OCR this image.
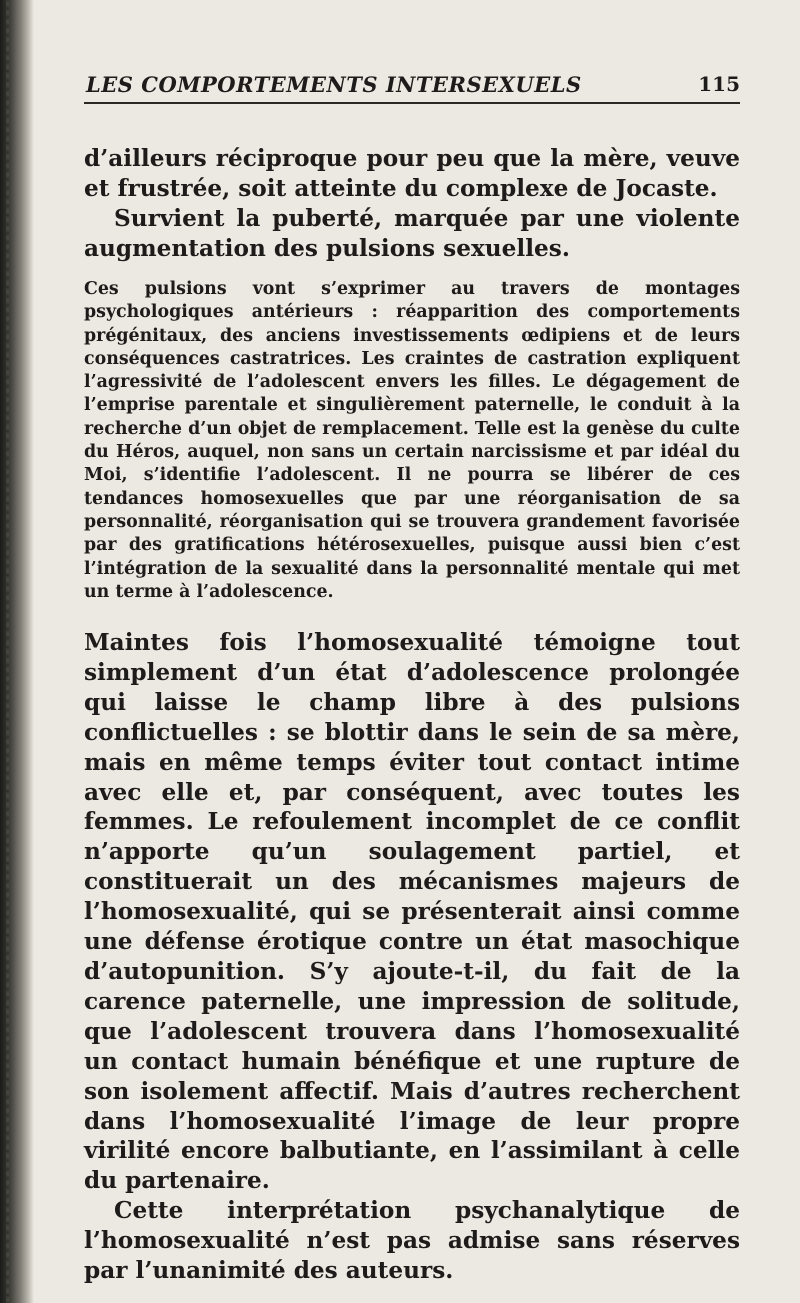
LES COMPORTEMENTS INTERSEXUELS	115

d’ailleurs réciproque pour peu que la mère, veuve et frustrée, soit atteinte du complexe de Jocaste.

Survient la puberté, marquée par une violente augmentation des pulsions sexuelles.

Ces pulsions vont s’exprimer au travers de montages psychologiques antérieurs : réapparition des comportements prégénitaux, des anciens investissements œdipiens et de leurs conséquences castratrices. Les craintes de castration expliquent l’agressivité de l’adolescent envers les filles. Le dégagement de l’emprise parentale et singulièrement paternelle, le conduit à la recherche d’un objet de remplacement. Telle est la genèse du culte du Héros, auquel, non sans un certain narcissisme et par idéal du Moi, s’identifie l’adolescent. Il ne pourra se libérer de ces tendances homosexuelles que par une réorganisation de sa personnalité, réorganisation qui se trouvera grandement favorisée par des gratifications hétérosexuelles, puisque aussi bien c’est l’intégration de la sexualité dans la personnalité mentale qui met un terme à l’adolescence.

Maintes fois l’homosexualité témoigne tout simplement d’un état d’adolescence prolongée qui laisse le champ libre à des pulsions conflictuelles : se blottir dans le sein de sa mère, mais en même temps éviter tout contact intime avec elle et, par conséquent, avec toutes les femmes. Le refoulement incomplet de ce conflit n’apporte qu’un soulagement partiel, et constituerait un des mécanismes majeurs de l’homosexualité, qui se présenterait ainsi comme une défense érotique contre un état masochique d’autopunition. S’y ajoute-t-il, du fait de la carence paternelle, une impression de solitude, que l’adolescent trouvera dans l’homosexualité un contact humain bénéfique et une rupture de son isolement affectif. Mais d’autres recherchent dans l’homosexualité l’image de leur propre virilité encore balbutiante, en l’assimilant à celle du partenaire.

Cette interprétation psychanalytique de l’homosexualité n’est pas admise sans réserves par l’unanimité des auteurs.
